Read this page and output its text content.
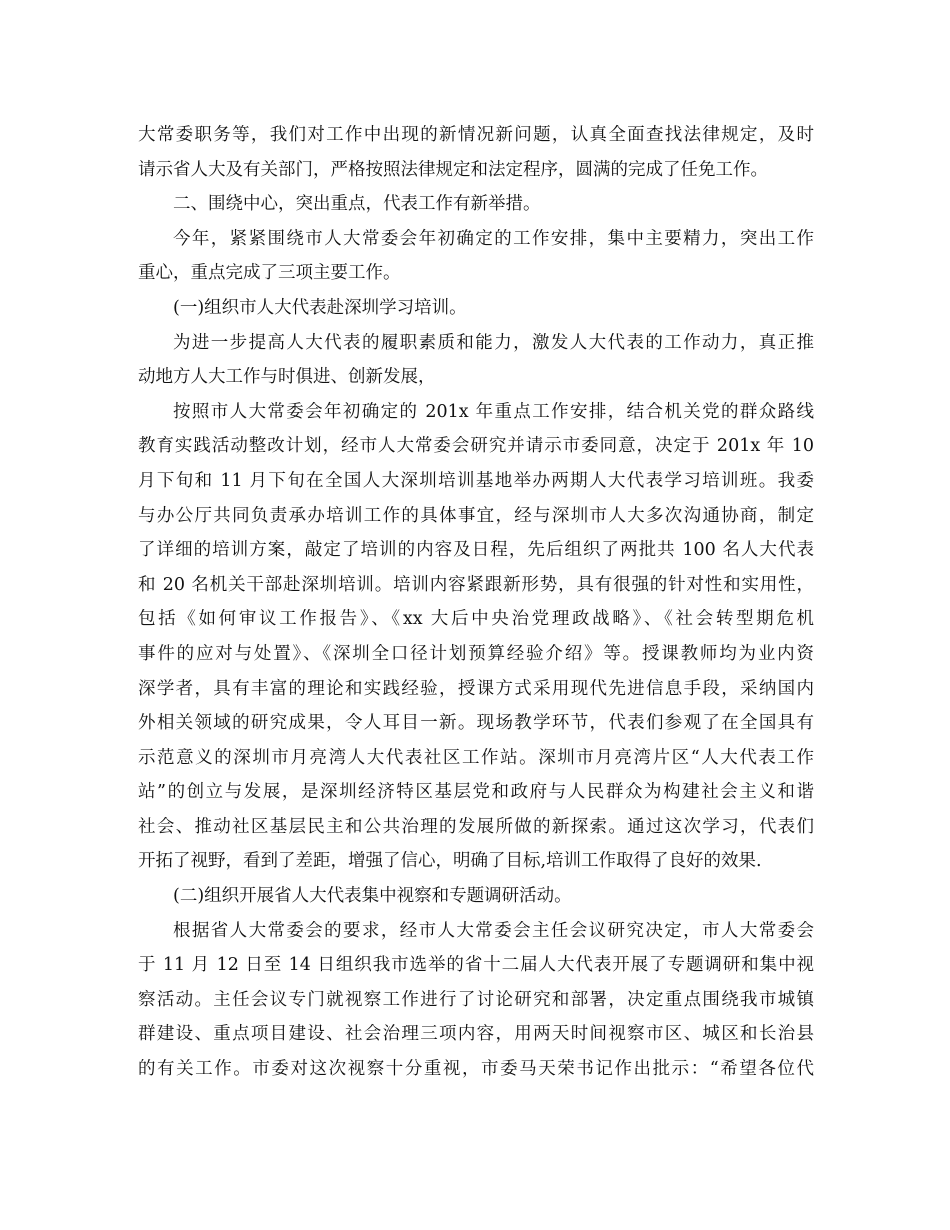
大常委职务等，我们对工作中出现的新情况新问题，认真全面查找法律规定，及时
请示省人大及有关部门，严格按照法律规定和法定程序，圆满的完成了任免工作。
二、围绕中心，突出重点，代表工作有新举措。
今年，紧紧围绕市人大常委会年初确定的工作安排，集中主要精力，突出工作
重心，重点完成了三项主要工作。
(一)组织市人大代表赴深圳学习培训。
为进一步提高人大代表的履职素质和能力，激发人大代表的工作动力，真正推
动地方人大工作与时俱进、创新发展，
按照市人大常委会年初确定的 201x 年重点工作安排，结合机关党的群众路线
教育实践活动整改计划，经市人大常委会研究并请示市委同意，决定于 201x 年 10
月下旬和 11 月下旬在全国人大深圳培训基地举办两期人大代表学习培训班。我委
与办公厅共同负责承办培训工作的具体事宜，经与深圳市人大多次沟通协商，制定
了详细的培训方案，敲定了培训的内容及日程，先后组织了两批共 100 名人大代表
和 20 名机关干部赴深圳培训。培训内容紧跟新形势，具有很强的针对性和实用性，
包括《如何审议工作报告》、《xx 大后中央治党理政战略》、《社会转型期危机
事件的应对与处置》、《深圳全口径计划预算经验介绍》等。授课教师均为业内资
深学者，具有丰富的理论和实践经验，授课方式采用现代先进信息手段，采纳国内
外相关领域的研究成果，令人耳目一新。现场教学环节，代表们参观了在全国具有
示范意义的深圳市月亮湾人大代表社区工作站。深圳市月亮湾片区“人大代表工作
站”的创立与发展，是深圳经济特区基层党和政府与人民群众为构建社会主义和谐
社会、推动社区基层民主和公共治理的发展所做的新探索。通过这次学习，代表们
开拓了视野，看到了差距，增强了信心，明确了目标,培训工作取得了良好的效果.
(二)组织开展省人大代表集中视察和专题调研活动。
根据省人大常委会的要求，经市人大常委会主任会议研究决定，市人大常委会
于 11 月 12 日至 14 日组织我市选举的省十二届人大代表开展了专题调研和集中视
察活动。主任会议专门就视察工作进行了讨论研究和部署，决定重点围绕我市城镇
群建设、重点项目建设、社会治理三项内容，用两天时间视察市区、城区和长治县
的有关工作。市委对这次视察十分重视，市委马天荣书记作出批示：“希望各位代
